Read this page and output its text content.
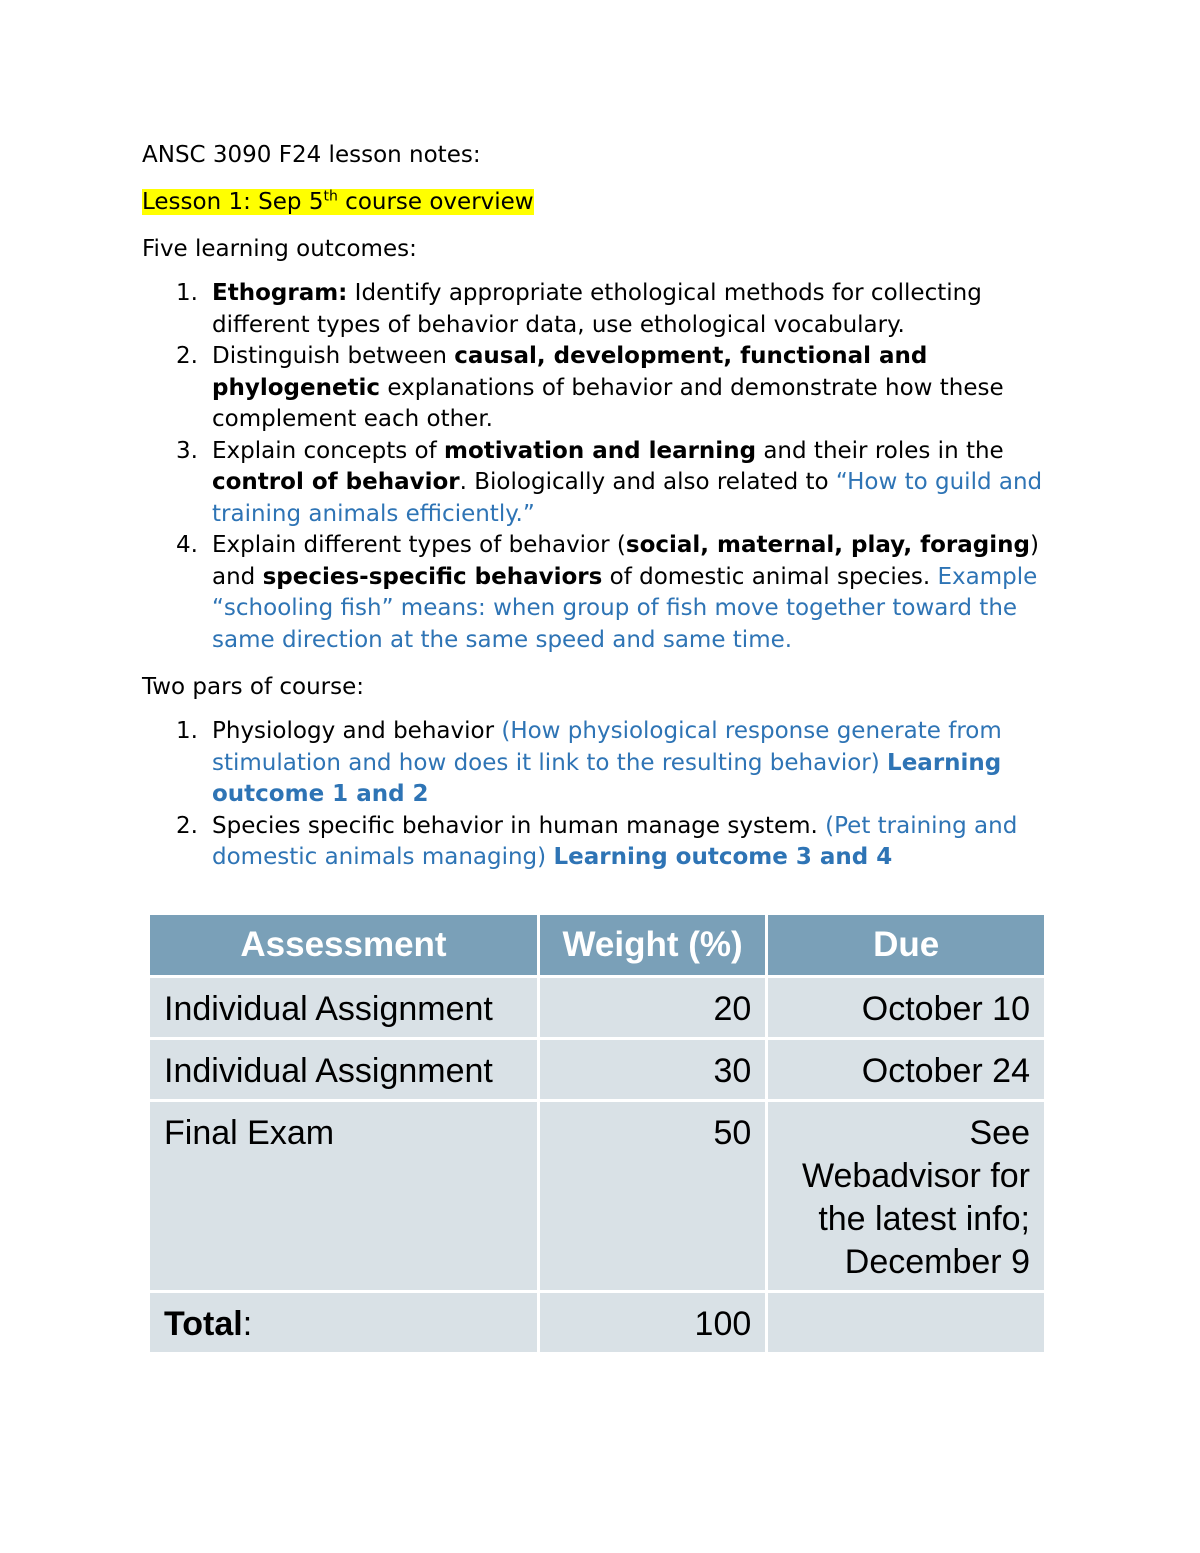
ANSC 3090 F24 lesson notes:

Lesson 1: Sep 5th course overview

Five learning outcomes:

1. Ethogram: Identify appropriate ethological methods for collecting different types of behavior data, use ethological vocabulary.
2. Distinguish between causal, development, functional and phylogenetic explanations of behavior and demonstrate how these complement each other.
3. Explain concepts of motivation and learning and their roles in the control of behavior. Biologically and also related to “How to guild and training animals efficiently.”
4. Explain different types of behavior (social, maternal, play, foraging) and species-specific behaviors of domestic animal species. Example “schooling fish” means: when group of fish move together toward the same direction at the same speed and same time.

Two pars of course:

1. Physiology and behavior (How physiological response generate from stimulation and how does it link to the resulting behavior) Learning outcome 1 and 2
2. Species specific behavior in human manage system. (Pet training and domestic animals managing) Learning outcome 3 and 4
Assessment	Weight (%)	Due
Individual Assignment	20	October 10
Individual Assignment	30	October 24
Final Exam	50	See Webadvisor for the latest info; December 9
Total:	100	
